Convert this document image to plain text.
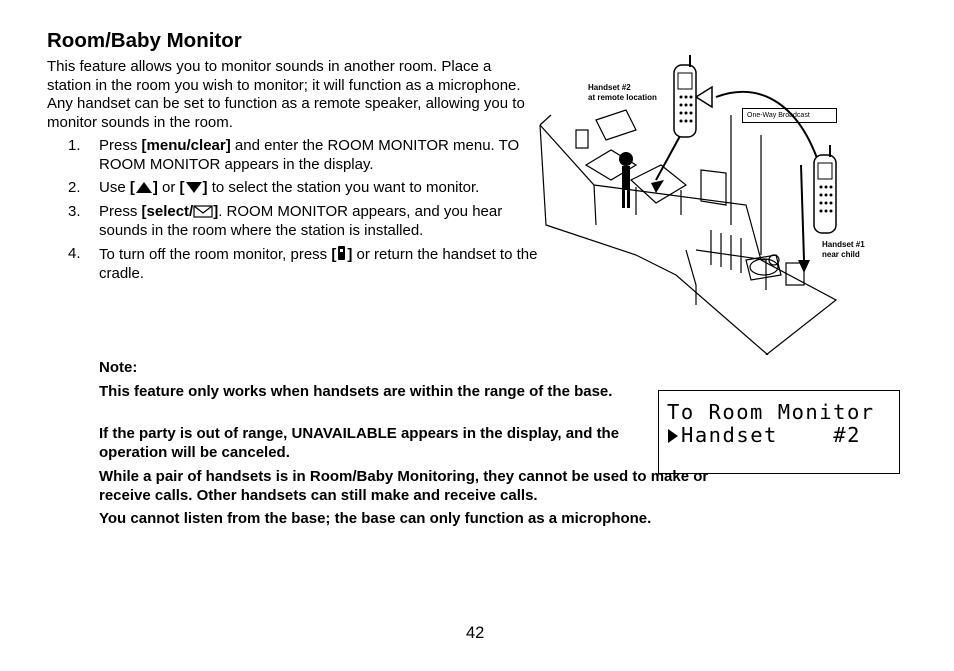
Room/Baby Monitor
This feature allows you to monitor sounds in another room. Place a station in the room you wish to monitor; it will function as a microphone. Any handset can be set to function as a remote speaker, allowing you to monitor sounds in the room.
1. Press [menu/clear] and enter the ROOM MONITOR menu. TO ROOM MONITOR appears in the display.
2. Use [ ] or [ ] to select the station you want to monitor.
3. Press [select/ ]. ROOM MONITOR appears, and you hear sounds in the room where the station is installed.
4. To turn off the room monitor, press [ ] or return the handset to the cradle.
Note:
This feature only works when handsets are within the range of the base.
If the party is out of range, UNAVAILABLE appears in the display, and the operation will be canceled.
While a pair of handsets is in Room/Baby Monitoring, they cannot be used to make or receive calls. Other handsets can still make and receive calls.
You cannot listen from the base; the base can only function as a microphone.
To Room Monitor
Handset    #2
Handset #2
at remote location
One-Way Broadcast
Handset #1
near child
42
